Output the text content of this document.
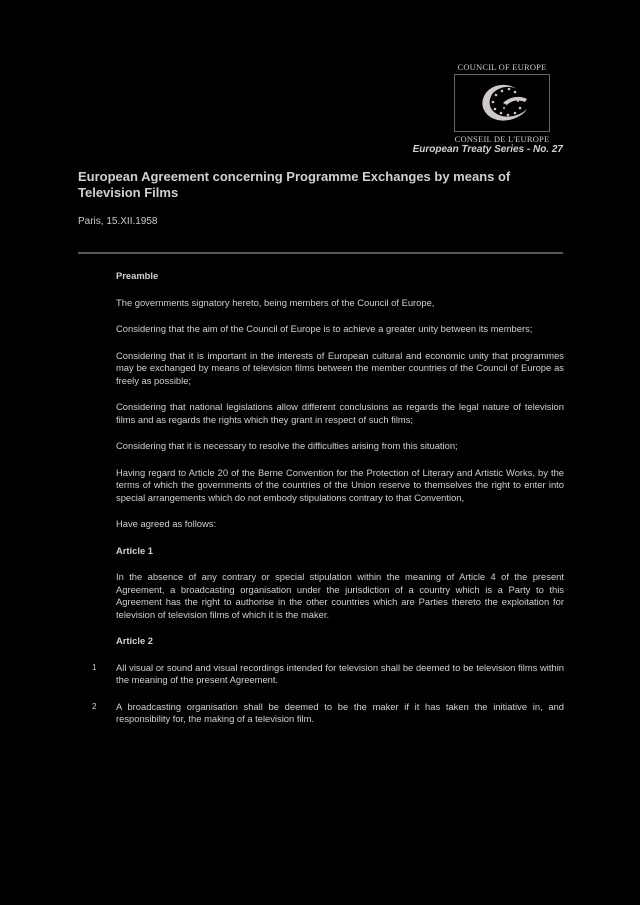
COUNCIL OF EUROPE
CONSEIL DE L'EUROPE
European Treaty Series - No. 27
European Agreement concerning Programme Exchanges by means of Television Films
Paris, 15.XII.1958
Preamble
The governments signatory hereto, being members of the Council of Europe,
Considering that the aim of the Council of Europe is to achieve a greater unity between its members;
Considering that it is important in the interests of European cultural and economic unity that programmes may be exchanged by means of television films between the member countries of the Council of Europe as freely as possible;
Considering that national legislations allow different conclusions as regards the legal nature of television films and as regards the rights which they grant in respect of such films;
Considering that it is necessary to resolve the difficulties arising from this situation;
Having regard to Article 20 of the Berne Convention for the Protection of Literary and Artistic Works, by the terms of which the governments of the countries of the Union reserve to themselves the right to enter into special arrangements which do not embody stipulations contrary to that Convention,
Have agreed as follows:
Article 1
In the absence of any contrary or special stipulation within the meaning of Article 4 of the present Agreement, a broadcasting organisation under the jurisdiction of a country which is a Party to this Agreement has the right to authorise in the other countries which are Parties thereto the exploitation for television of television films of which it is the maker.
Article 2
1 All visual or sound and visual recordings intended for television shall be deemed to be television films within the meaning of the present Agreement.
2 A broadcasting organisation shall be deemed to be the maker if it has taken the initiative in, and responsibility for, the making of a television film.
